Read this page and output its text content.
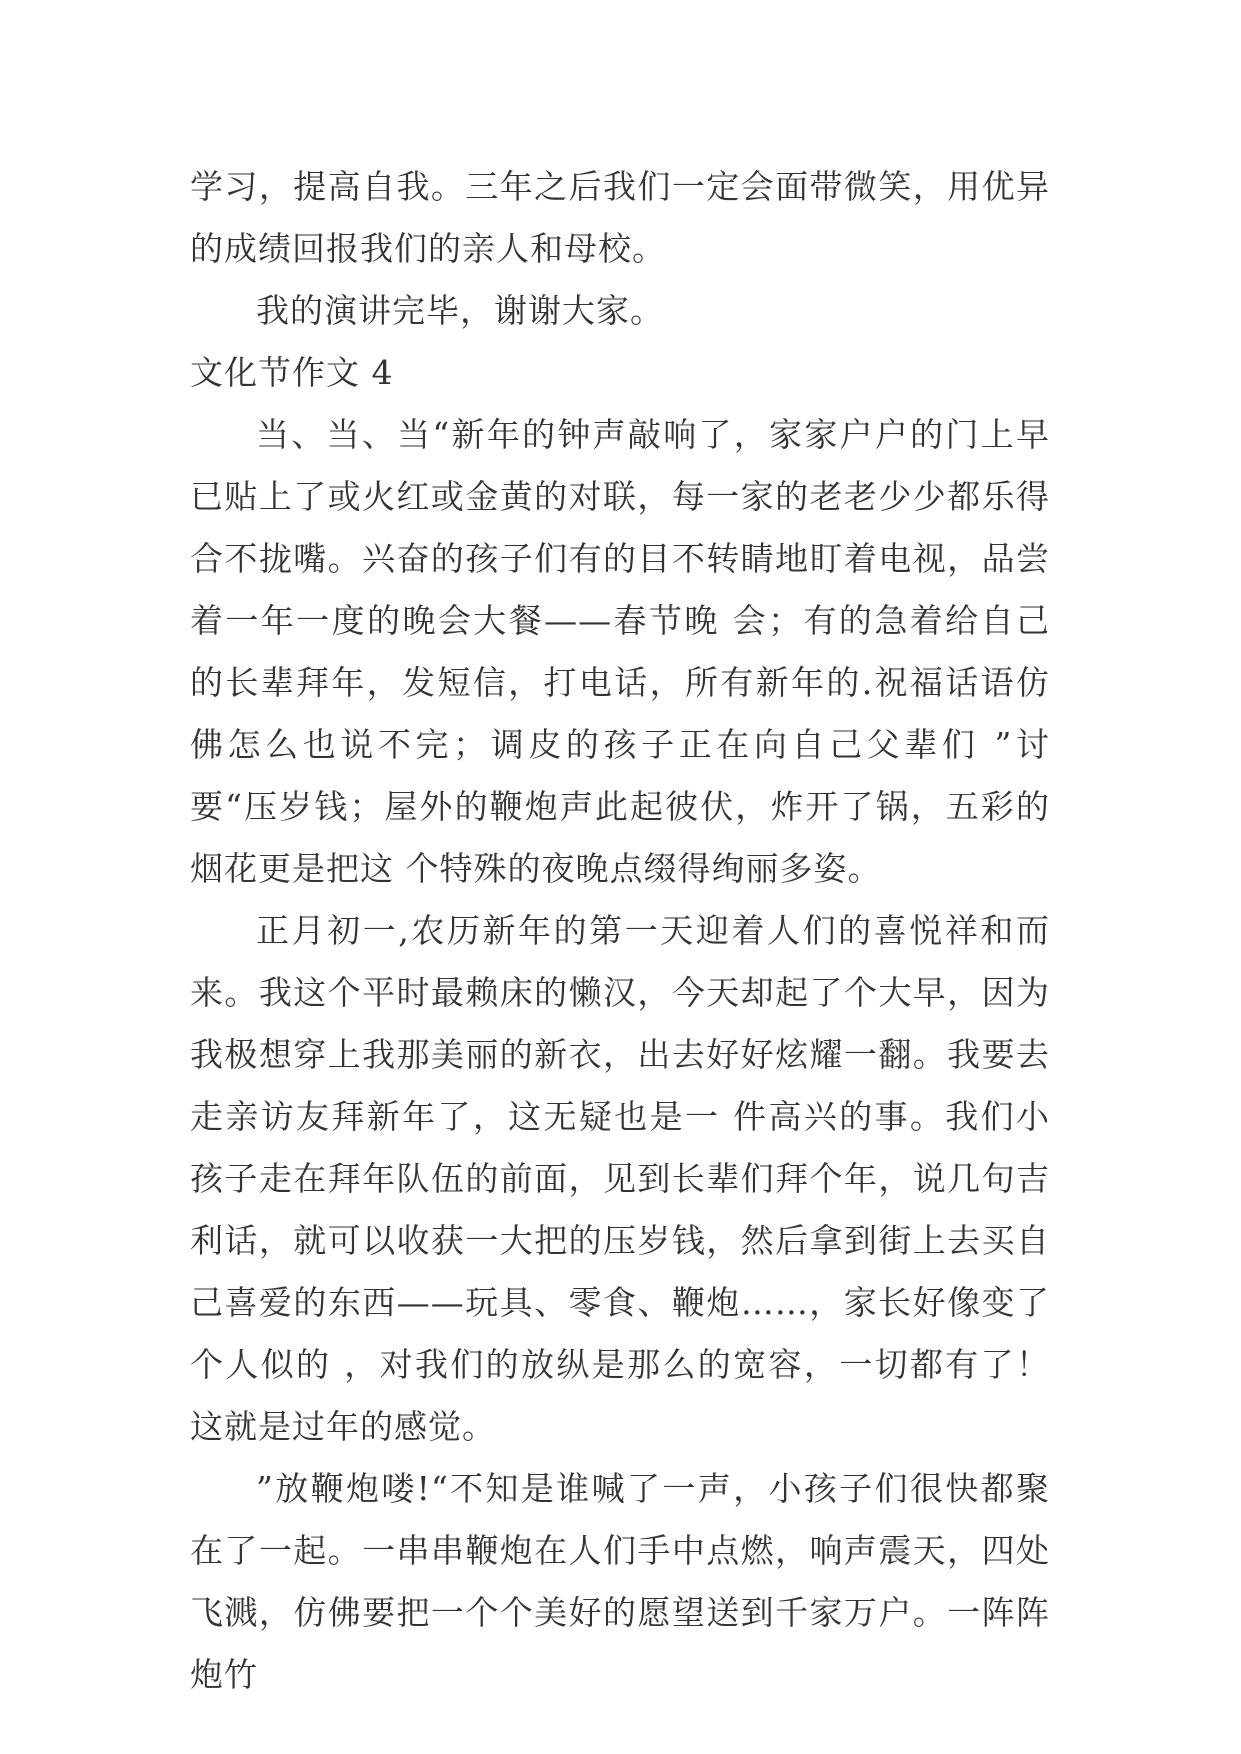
学习，提高自我。三年之后我们一定会面带微笑，用优异的成绩回报我们的亲人和母校。

我的演讲完毕，谢谢大家。

文化节作文 4

当、当、当“新年的钟声敲响了，家家户户的门上早已贴上了或火红或金黄的对联，每一家的老老少少都乐得合不拢嘴。兴奋的孩子们有的目不转睛地盯着电视，品尝着一年一度的晚会大餐——春节晚 会；有的急着给自己的长辈拜年，发短信，打电话，所有新年的.祝福话语仿佛怎么也说不完；调皮的孩子正在向自己父辈们 ”讨要“压岁钱；屋外的鞭炮声此起彼伏，炸开了锅，五彩的烟花更是把这 个特殊的夜晚点缀得绚丽多姿。

正月初一,农历新年的第一天迎着人们的喜悦祥和而来。我这个平时最赖床的懒汉，今天却起了个大早，因为我极想穿上我那美丽的新衣，出去好好炫耀一翻。我要去走亲访友拜新年了，这无疑也是一 件高兴的事。我们小孩子走在拜年队伍的前面，见到长辈们拜个年，说几句吉利话，就可以收获一大把的压岁钱，然后拿到街上去买自己喜爱的东西——玩具、零食、鞭炮……，家长好像变了个人似的 ，对我们的放纵是那么的宽容，一切都有了！这就是过年的感觉。

”放鞭炮喽!“不知是谁喊了一声，小孩子们很快都聚在了一起。一串串鞭炮在人们手中点燃，响声震天，四处飞溅，仿佛要把一个个美好的愿望送到千家万户。一阵阵炮竹
